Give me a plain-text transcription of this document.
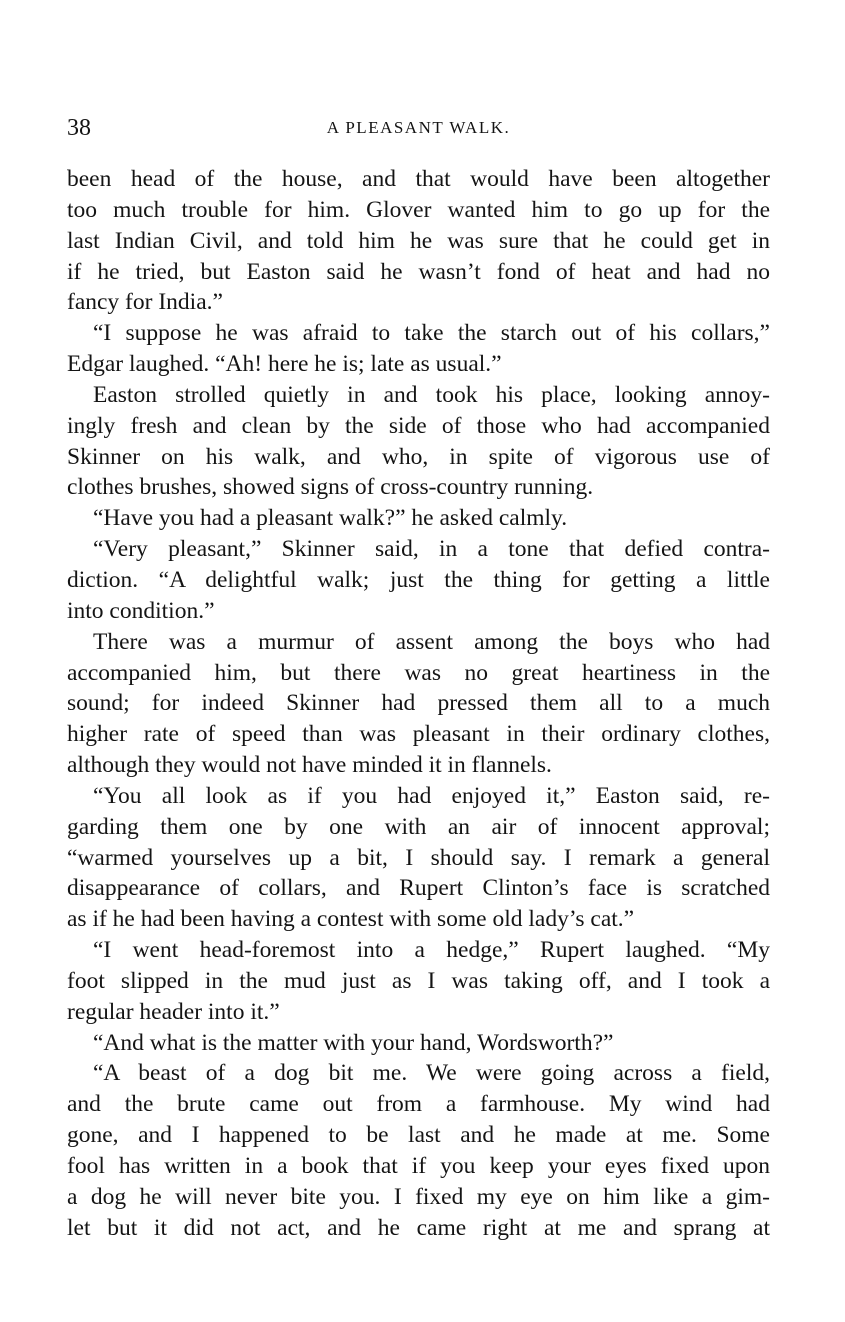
38	A PLEASANT WALK.
been head of the house, and that would have been altogether
too much trouble for him. Glover wanted him to go up for the
last Indian Civil, and told him he was sure that he could get in
if he tried, but Easton said he wasn’t fond of heat and had no
fancy for India.”
“I suppose he was afraid to take the starch out of his collars,”
Edgar laughed. “Ah! here he is; late as usual.”
Easton strolled quietly in and took his place, looking annoy-
ingly fresh and clean by the side of those who had accompanied
Skinner on his walk, and who, in spite of vigorous use of
clothes brushes, showed signs of cross-country running.
“Have you had a pleasant walk?” he asked calmly.
“Very pleasant,” Skinner said, in a tone that defied contra-
diction. “A delightful walk; just the thing for getting a little
into condition.”
There was a murmur of assent among the boys who had
accompanied him, but there was no great heartiness in the
sound; for indeed Skinner had pressed them all to a much
higher rate of speed than was pleasant in their ordinary clothes,
although they would not have minded it in flannels.
“You all look as if you had enjoyed it,” Easton said, re-
garding them one by one with an air of innocent approval;
“warmed yourselves up a bit, I should say. I remark a general
disappearance of collars, and Rupert Clinton’s face is scratched
as if he had been having a contest with some old lady’s cat.”
“I went head-foremost into a hedge,” Rupert laughed. “My
foot slipped in the mud just as I was taking off, and I took a
regular header into it.”
“And what is the matter with your hand, Wordsworth?”
“A beast of a dog bit me. We were going across a field,
and the brute came out from a farmhouse. My wind had
gone, and I happened to be last and he made at me. Some
fool has written in a book that if you keep your eyes fixed upon
a dog he will never bite you. I fixed my eye on him like a gim-
let but it did not act, and he came right at me and sprang at
